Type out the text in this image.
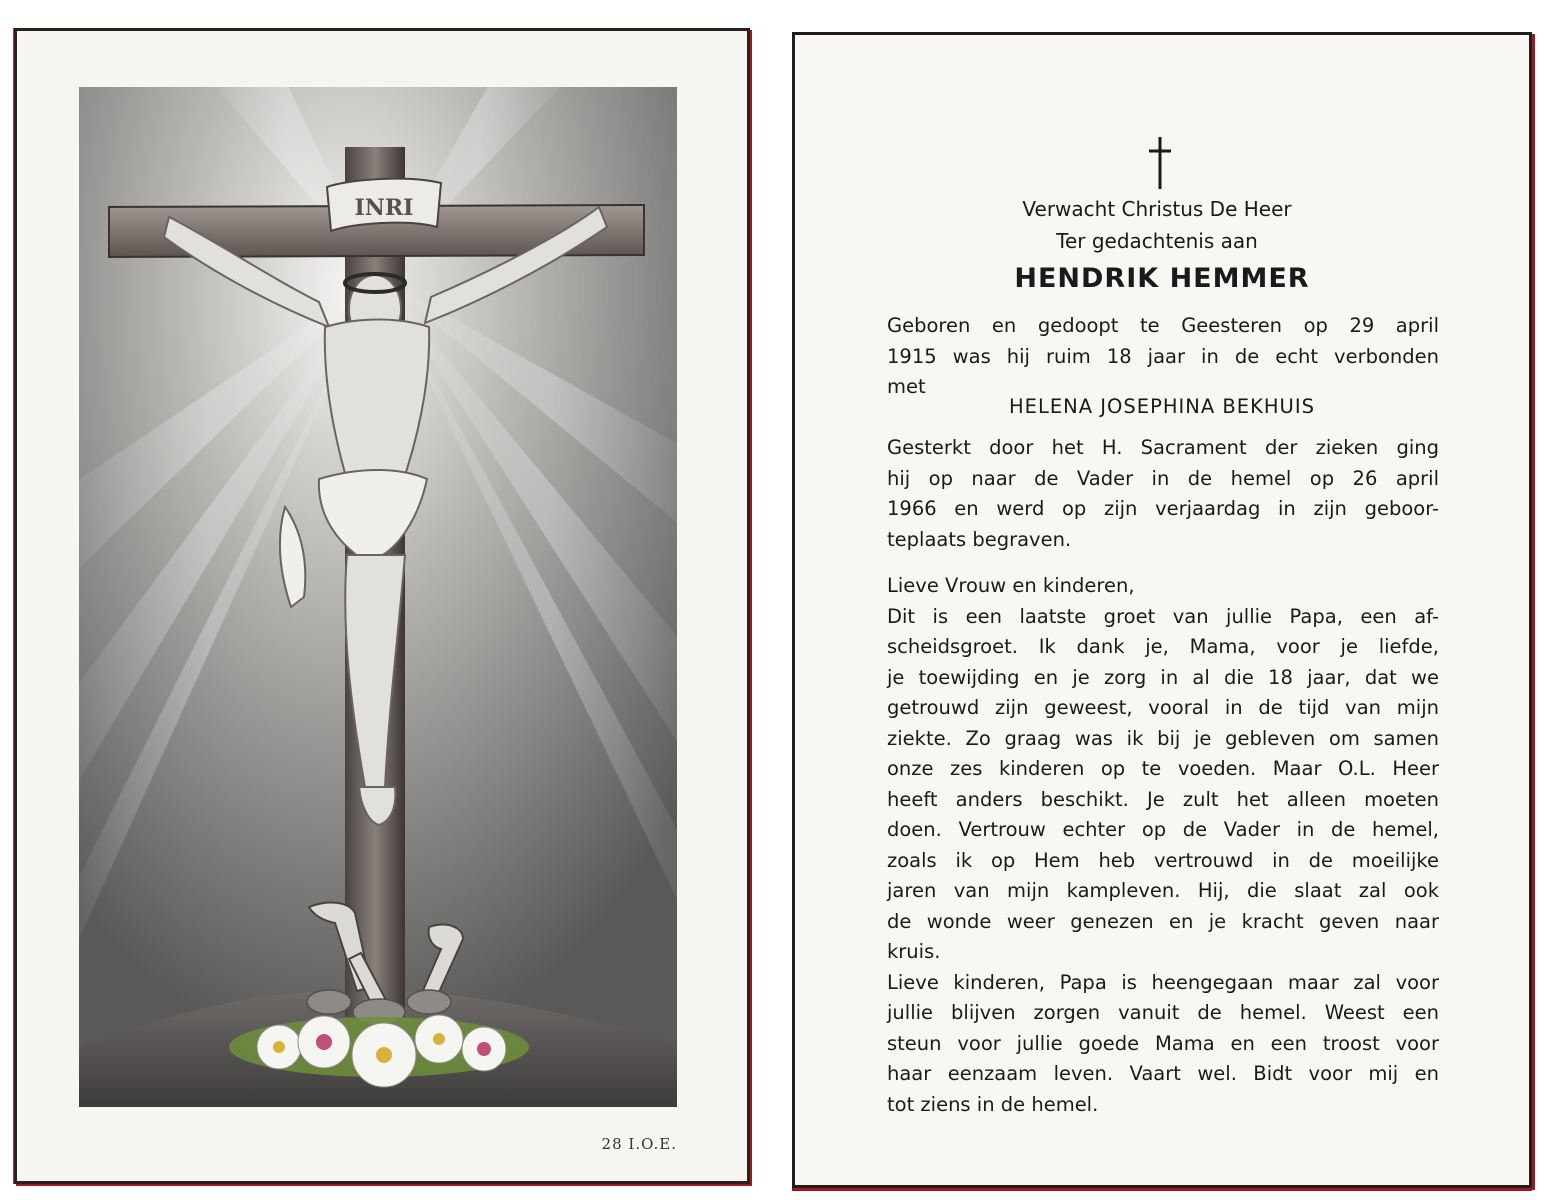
INRI
28 I.O.E.
Verwacht Christus De Heer
Ter gedachtenis aan
HENDRIK HEMMER
Geboren en gedoopt te Geesteren op 29 april
1915 was hij ruim 18 jaar in de echt verbonden
met
HELENA JOSEPHINA BEKHUIS
Gesterkt door het H. Sacrament der zieken ging
hij op naar de Vader in de hemel op 26 april
1966 en werd op zijn verjaardag in zijn geboor-
teplaats begraven.
Lieve Vrouw en kinderen,
Dit is een laatste groet van jullie Papa, een af-
scheidsgroet. Ik dank je, Mama, voor je liefde,
je toewijding en je zorg in al die 18 jaar, dat we
getrouwd zijn geweest, vooral in de tijd van mijn
ziekte. Zo graag was ik bij je gebleven om samen
onze zes kinderen op te voeden. Maar O.L. Heer
heeft anders beschikt. Je zult het alleen moeten
doen. Vertrouw echter op de Vader in de hemel,
zoals ik op Hem heb vertrouwd in de moeilijke
jaren van mijn kampleven. Hij, die slaat zal ook
de wonde weer genezen en je kracht geven naar
kruis.
Lieve kinderen, Papa is heengegaan maar zal voor
jullie blijven zorgen vanuit de hemel. Weest een
steun voor jullie goede Mama en een troost voor
haar eenzaam leven. Vaart wel. Bidt voor mij en
tot ziens in de hemel.
